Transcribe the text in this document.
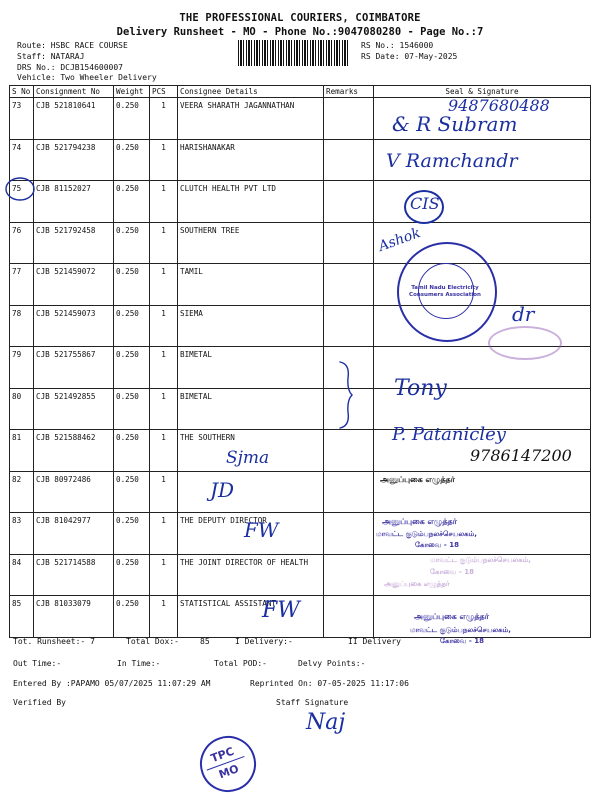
THE PROFESSIONAL COURIERS, COIMBATORE
Delivery Runsheet - MO - Phone No.:9047080280 - Page No.:7
Route: HSBC RACE COURSE
Staff: NATARAJ
DRS No.: DCJB154600007
Vehicle: Two Wheeler Delivery
RS No.: 1546000
RS Date: 07-May-2025
S No	Consignment No	Weight	PCS	Consignee Details	Remarks	Seal & Signature
73	CJB 521810641	0.250	1	VEERA SHARATH JAGANNATHAN		
74	CJB 521794238	0.250	1	HARISHANAKAR		
75	CJB 81152027	0.250	1	CLUTCH HEALTH PVT LTD		
76	CJB 521792458	0.250	1	SOUTHERN TREE		
77	CJB 521459072	0.250	1	TAMIL		
78	CJB 521459073	0.250	1	SIEMA		
79	CJB 521755867	0.250	1	BIMETAL		
80	CJB 521492855	0.250	1	BIMETAL		
81	CJB 521588462	0.250	1	THE SOUTHERN		
82	CJB 80972486	0.250	1			
83	CJB 81042977	0.250	1	THE DEPUTY DIRECTOR		
84	CJB 521714588	0.250	1	THE JOINT DIRECTOR OF HEALTH		
85	CJB 81033079	0.250	1	STATISTICAL ASSISTANT		
9487680488
& R Subram
V Ramchandr
CIS
Ashok
Tamil Nadu Electricity Consumers Association
dr
Tony
P. Patanicley
Sjma	9786147200
JD	அனுப்புகை எழுத்தர்
FW	அனுப்புகை எழுத்தர்
மாவட்ட குடும்பநலச்செயலகம்,
கோவை - 18
மாவட்ட குடும்பநலச்செயலகம்,
கோவை - 18
அனுப்புகை எழுத்தர்
FW	அனுப்புகை எழுத்தர்
மாவட்ட குடும்பநலச்செயலகம்,
கோவை - 18
Tot. Runsheet:- 7	Total Dox:-	85	I Delivery:-	II Delivery
Out Time:-	In Time:-	Total POD:-	Delvy Points:-
Entered By :PAPAMO 05/07/2025 11:07:29 AM	Reprinted On: 07-05-2025 11:17:06
Verified By	Staff Signature
Naj
TPC
MO
